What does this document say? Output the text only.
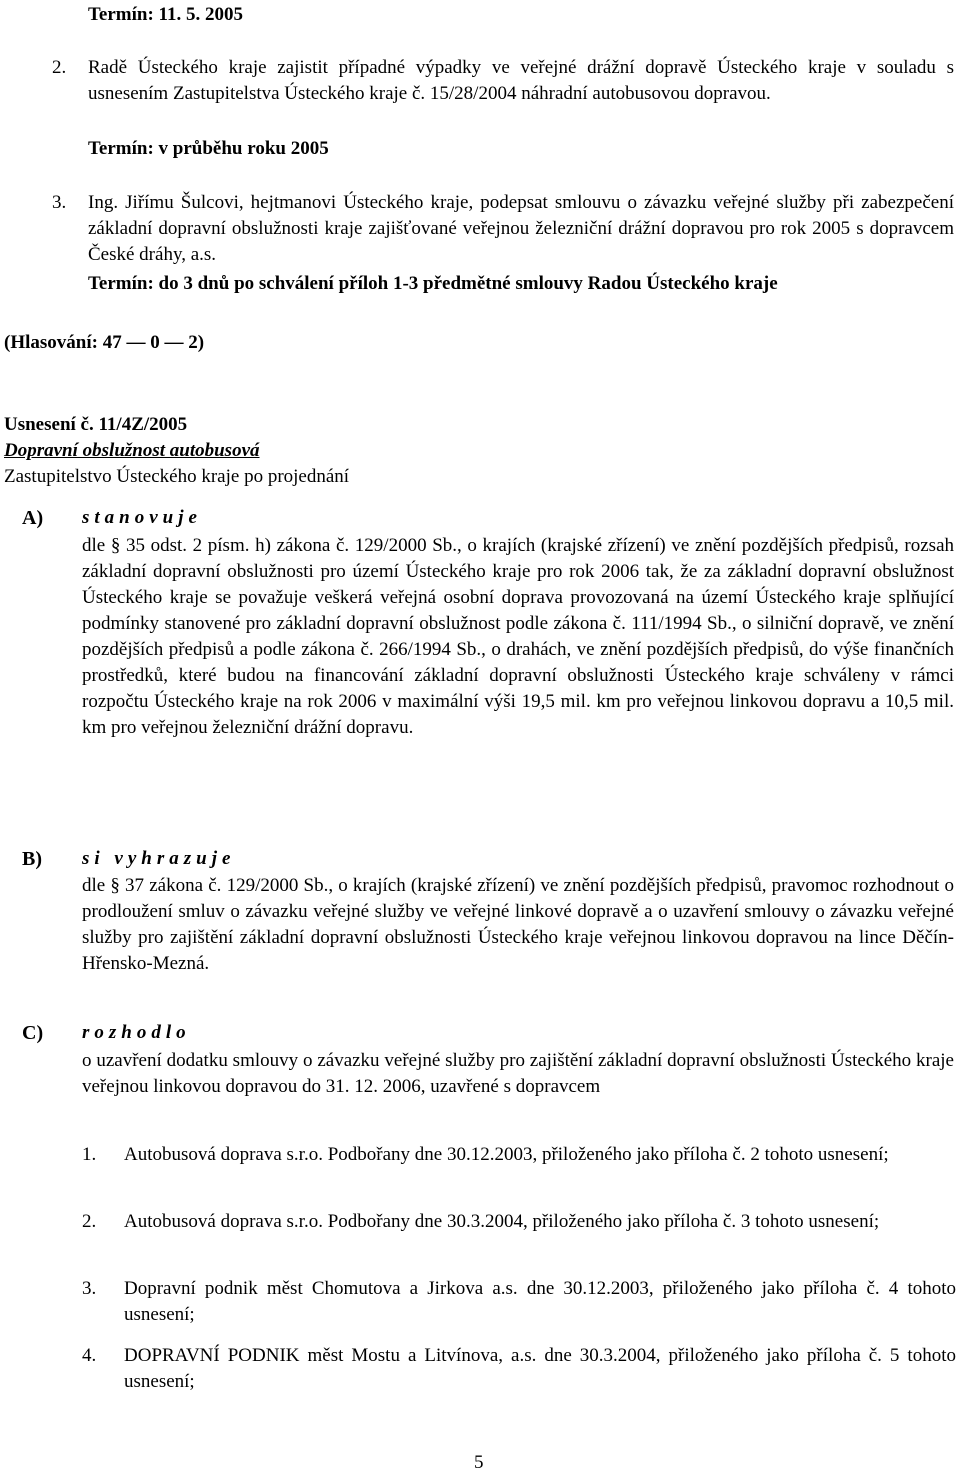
Termín: 11. 5. 2005
2. Radě Ústeckého kraje zajistit případné výpadky ve veřejné drážní dopravě Ústeckého kraje v souladu s usnesením Zastupitelstva Ústeckého kraje č. 15/28/2004 náhradní autobusovou dopravou.
Termín: v průběhu roku 2005
3. Ing. Jiřímu Šulcovi, hejtmanovi Ústeckého kraje, podepsat smlouvu o závazku veřejné služby při zabezpečení základní dopravní obslužnosti kraje zajišťované veřejnou železniční drážní dopravou pro rok 2005 s dopravcem České dráhy, a.s.
Termín: do 3 dnů po schválení příloh 1-3 předmětné smlouvy Radou Ústeckého kraje
(Hlasování: 47 — 0 — 2)
Usnesení č. 11/4Z/2005
Dopravní obslužnost autobusová
Zastupitelstvo Ústeckého kraje po projednání
A) stanovuje
dle § 35 odst. 2 písm. h) zákona č. 129/2000 Sb., o krajích (krajské zřízení) ve znění pozdějších předpisů, rozsah základní dopravní obslužnosti pro území Ústeckého kraje pro rok 2006 tak, že za základní dopravní obslužnost Ústeckého kraje se považuje veškerá veřejná osobní doprava provozovaná na území Ústeckého kraje splňující podmínky stanovené pro základní dopravní obslužnost podle zákona č. 111/1994 Sb., o silniční dopravě, ve znění pozdějších předpisů a podle zákona č. 266/1994 Sb., o drahách, ve znění pozdějších předpisů, do výše finančních prostředků, které budou na financování základní dopravní obslužnosti Ústeckého kraje schváleny v rámci rozpočtu Ústeckého kraje na rok 2006 v maximální výši 19,5 mil. km pro veřejnou linkovou dopravu a 10,5 mil. km pro veřejnou železniční drážní dopravu.
B) si vyhrazuje
dle § 37 zákona č. 129/2000 Sb., o krajích (krajské zřízení) ve znění pozdějších předpisů, pravomoc rozhodnout o prodloužení smluv o závazku veřejné služby ve veřejné linkové dopravě a o uzavření smlouvy o závazku veřejné služby pro zajištění základní dopravní obslužnosti Ústeckého kraje veřejnou linkovou dopravou na lince Děčín-Hřensko-Mezná.
C) rozhodlo
o uzavření dodatku smlouvy o závazku veřejné služby pro zajištění základní dopravní obslužnosti Ústeckého kraje veřejnou linkovou dopravou do 31. 12. 2006, uzavřené s dopravcem
1. Autobusová doprava s.r.o. Podbořany dne 30.12.2003, přiloženého jako příloha č. 2 tohoto usnesení;
2. Autobusová doprava s.r.o. Podbořany dne 30.3.2004, přiloženého jako příloha č. 3 tohoto usnesení;
3. Dopravní podnik měst Chomutova a Jirkova a.s. dne 30.12.2003, přiloženého jako příloha č. 4 tohoto usnesení;
4. DOPRAVNÍ PODNIK měst Mostu a Litvínova, a.s. dne 30.3.2004, přiloženého jako příloha č. 5 tohoto usnesení;
5
